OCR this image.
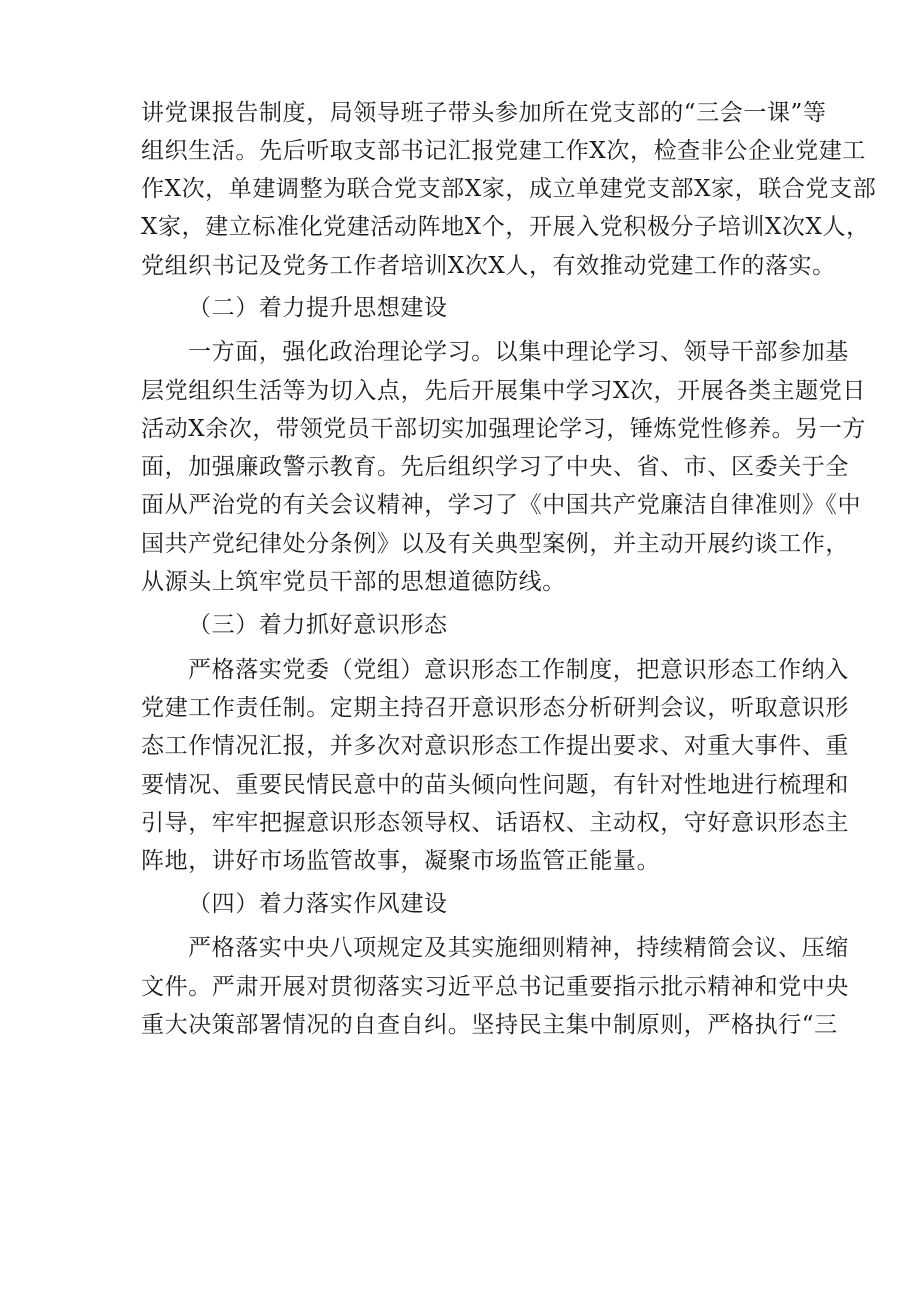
讲党课报告制度，局领导班子带头参加所在党支部的“三会一课”等
组织生活。先后听取支部书记汇报党建工作X次，检查非公企业党建工
作X次，单建调整为联合党支部X家，成立单建党支部X家，联合党支部
X家，建立标准化党建活动阵地X个，开展入党积极分子培训X次X人，
党组织书记及党务工作者培训X次X人，有效推动党建工作的落实。
（二）着力提升思想建设
一方面，强化政治理论学习。以集中理论学习、领导干部参加基
层党组织生活等为切入点，先后开展集中学习X次，开展各类主题党日
活动X余次，带领党员干部切实加强理论学习，锤炼党性修养。另一方
面，加强廉政警示教育。先后组织学习了中央、省、市、区委关于全
面从严治党的有关会议精神，学习了《中国共产党廉洁自律准则》《中
国共产党纪律处分条例》以及有关典型案例，并主动开展约谈工作，
从源头上筑牢党员干部的思想道德防线。
（三）着力抓好意识形态
严格落实党委（党组）意识形态工作制度，把意识形态工作纳入
党建工作责任制。定期主持召开意识形态分析研判会议，听取意识形
态工作情况汇报，并多次对意识形态工作提出要求、对重大事件、重
要情况、重要民情民意中的苗头倾向性问题，有针对性地进行梳理和
引导，牢牢把握意识形态领导权、话语权、主动权，守好意识形态主
阵地，讲好市场监管故事，凝聚市场监管正能量。
（四）着力落实作风建设
严格落实中央八项规定及其实施细则精神，持续精简会议、压缩
文件。严肃开展对贯彻落实习近平总书记重要指示批示精神和党中央
重大决策部署情况的自查自纠。坚持民主集中制原则，严格执行“三
